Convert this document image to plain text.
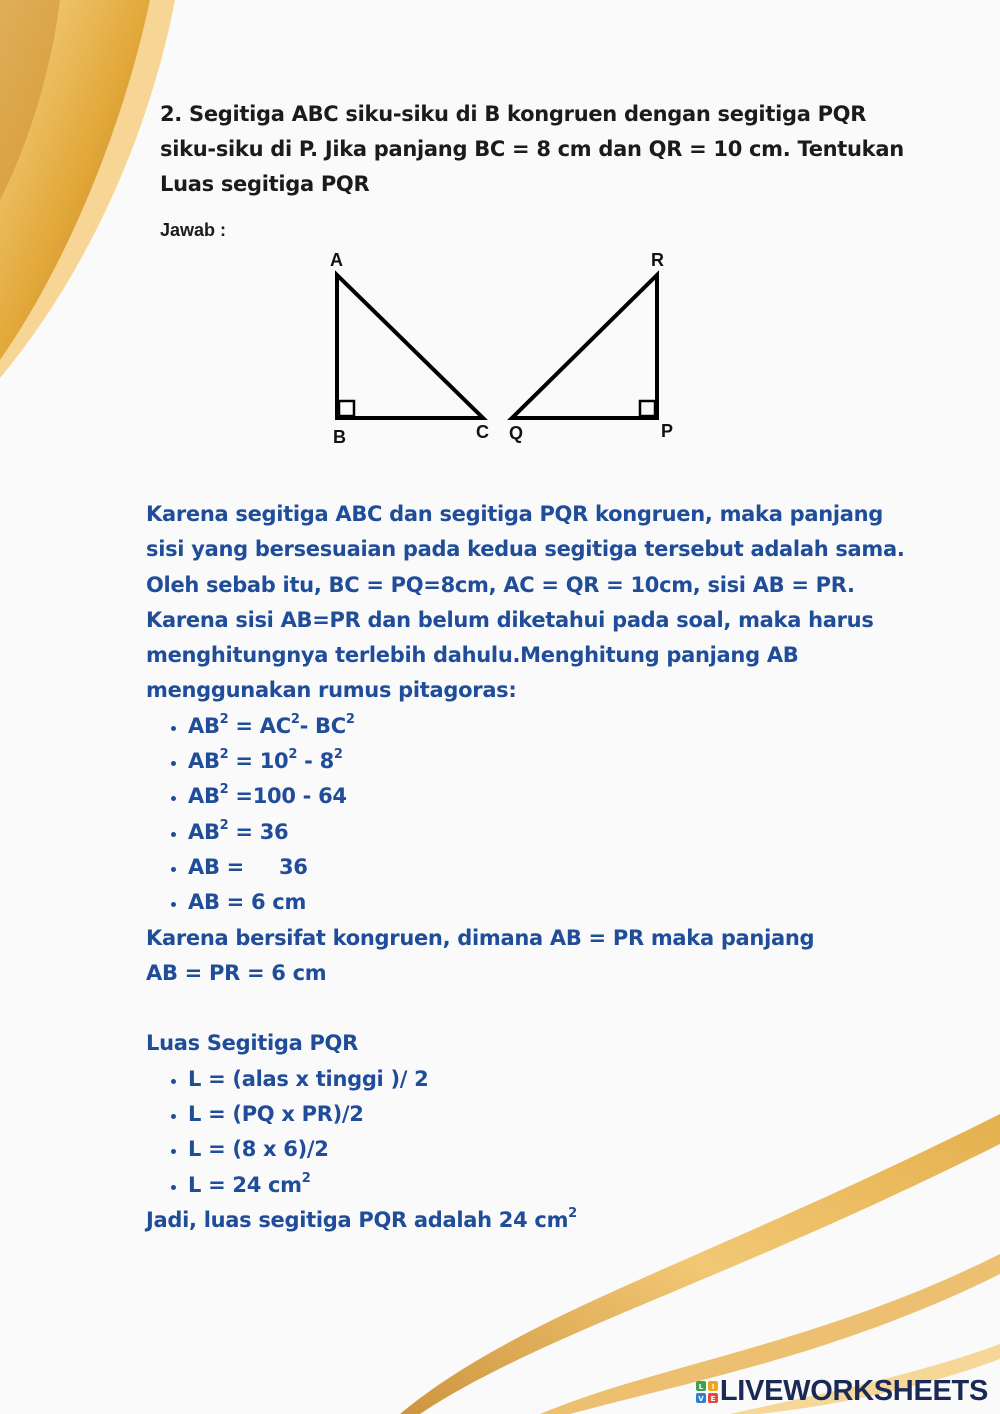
2. Segitiga ABC siku-siku di B kongruen dengan segitiga PQR siku-siku di P. Jika panjang BC = 8 cm dan QR = 10 cm. Tentukan Luas segitiga PQR
Jawab :
A
B	C Q	P
R

Karena segitiga ABC dan segitiga PQR kongruen, maka panjang sisi yang bersesuaian pada kedua segitiga tersebut adalah sama.

Oleh sebab itu, BC = PQ=8cm, AC = QR = 10cm, sisi AB = PR. Karena sisi AB=PR dan belum diketahui pada soal, maka harus menghitungnya terlebih dahulu.Menghitung panjang AB menggunakan rumus pitagoras:

• $AB^2 = AC^2-$ $BC^2$
• $AB^2 = 10^2 - 8^2$
• $AB^2 =100 - 64$
• $AB^2 = 36$
• AB = 36
• AB = 6 cm

Karena bersifat kongruen, dimana AB = PR maka panjang

AB = PR = 6 cm

Luas Segitiga PQR

• L = (alas x tinggi )/ 2
• L = (PQ x PR)/2
• L = (8 x 6)/2
• L = 24 $cm^2$

Jadi, luas segitiga PQR adalah 24 $cm^2$

L I
V E LIVEWORKSHEETS
